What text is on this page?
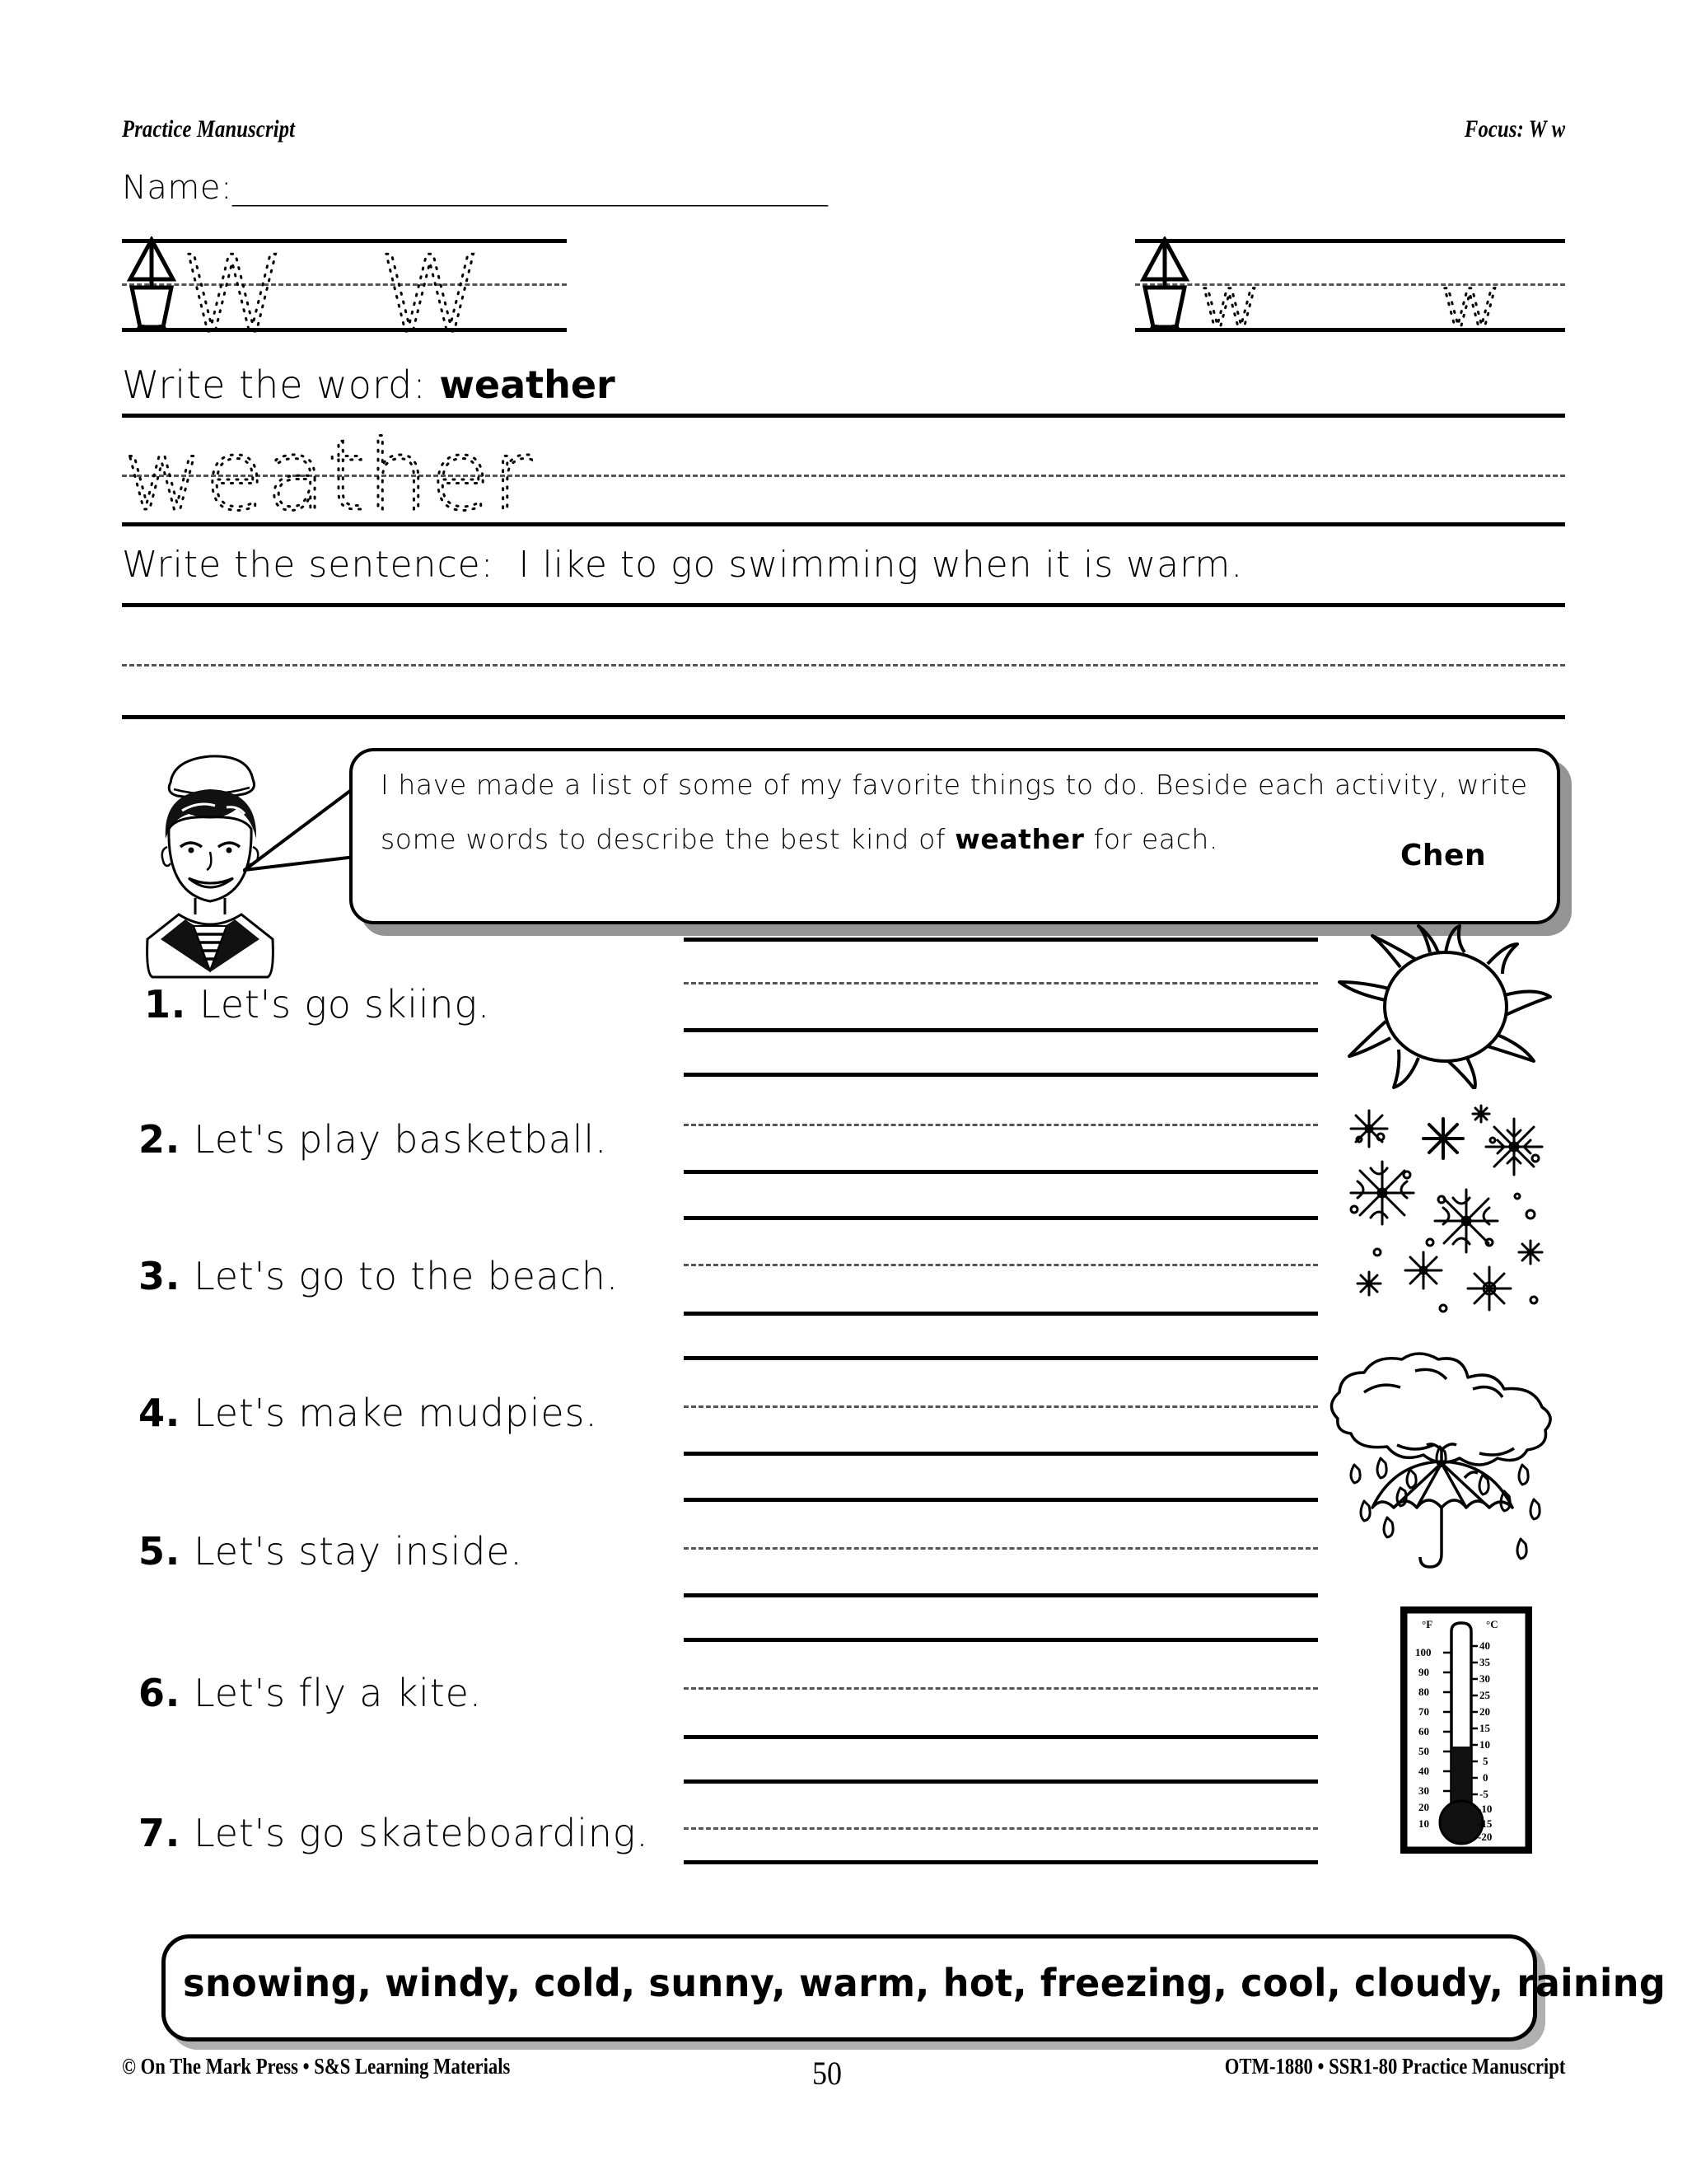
Practice Manuscript	Focus: W w
Name:______________________________________
W W	w w
Write the word: weather
weather
Write the sentence: I like to go swimming when it is warm.
I have made a list of some of my favorite things to do. Beside each activity, write
some words to describe the best kind of weather for each.	Chen
1. Let's go skiing.
2. Let's play basketball.
3. Let's go to the beach.
4. Let's make mudpies.
5. Let's stay inside.
6. Let's fly a kite.
7. Let's go skateboarding.
°F	°C
100
90
80
70
60
50
40
30
20
10
40
35
30
25
20
15
10
5
0
-5
-10
-15
-20
snowing, windy, cold, sunny, warm, hot, freezing, cool, cloudy, raining
© On The Mark Press • S&S Learning Materials	50	OTM-1880 • SSR1-80 Practice Manuscript
